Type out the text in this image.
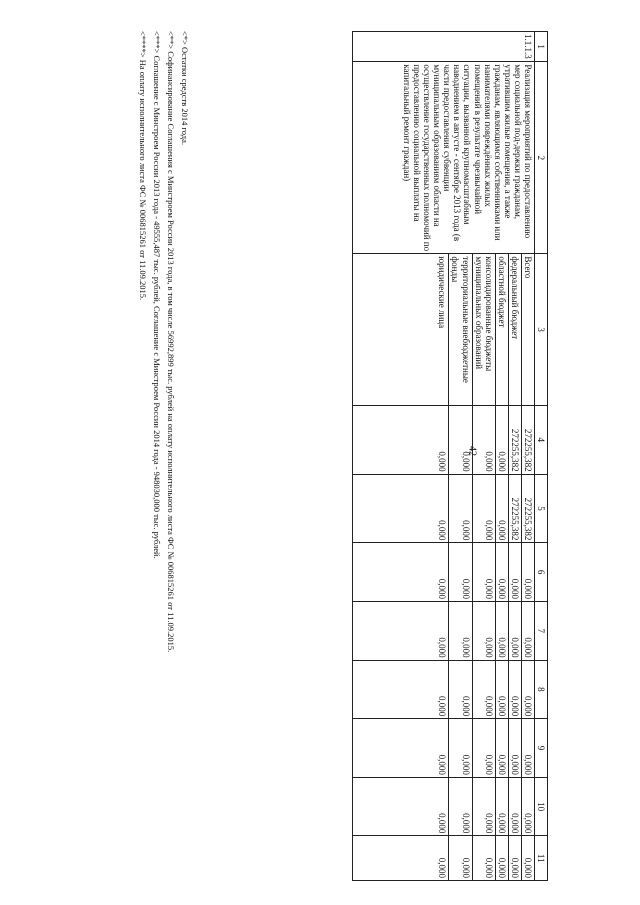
42
1	2	3	4	5	6	7	8	9	10	11
1.1.1.3	Реализация мероприятий по предоставлению мер социальной под-держки гражданам, утратившим жилые помещения, а также гражданам, являющимся собственниками или нанимателями повреждённых жилых помещений в результате чрезвычайной ситуации, вызванной крупномасштабным наводнением в августе - сентябре 2013 года (в части предоставления субвенции муниципальным образованиям области на осуществление государственных полномочий по предоставлению социальной выплаты на капитальный ремонт граждан)	Всего	272255,382	272255,382	0,000	0,000	0,000	0,000	0,000	0,000
		федеральный бюджет	272255,382	272255,382	0,000	0,000	0,000	0,000	0,000	0,000
		областной бюджет	0,000	0,000	0,000	0,000	0,000	0,000	0,000	0,000
		консолидированные бюджеты муниципальных образований	0,000	0,000	0,000	0,000	0,000	0,000	0,000	0,000
		территориальные внебюджетные фонды	0,000	0,000	0,000	0,000	0,000	0,000	0,000	0,000
		юридические лица	0,000	0,000	0,000	0,000	0,000	0,000	0,000	0,000
<*> Остатки средств 2014 года.
<**> Софинансирование Соглашения с Минстроем России 2013 года, в том числе 56992,899 тыс. рублей на оплату исполнительного листа ФС № 006815261 от 11.09.2015.
<***> Соглашение с Минстроем России 2013 года - 49555,487 тыс. рублей, Соглашение с Минстроем России 2014 года - 948030,000 тыс. рублей.
<****> На оплату исполнительного листа ФС № 006815261 от 11.09.2015.
